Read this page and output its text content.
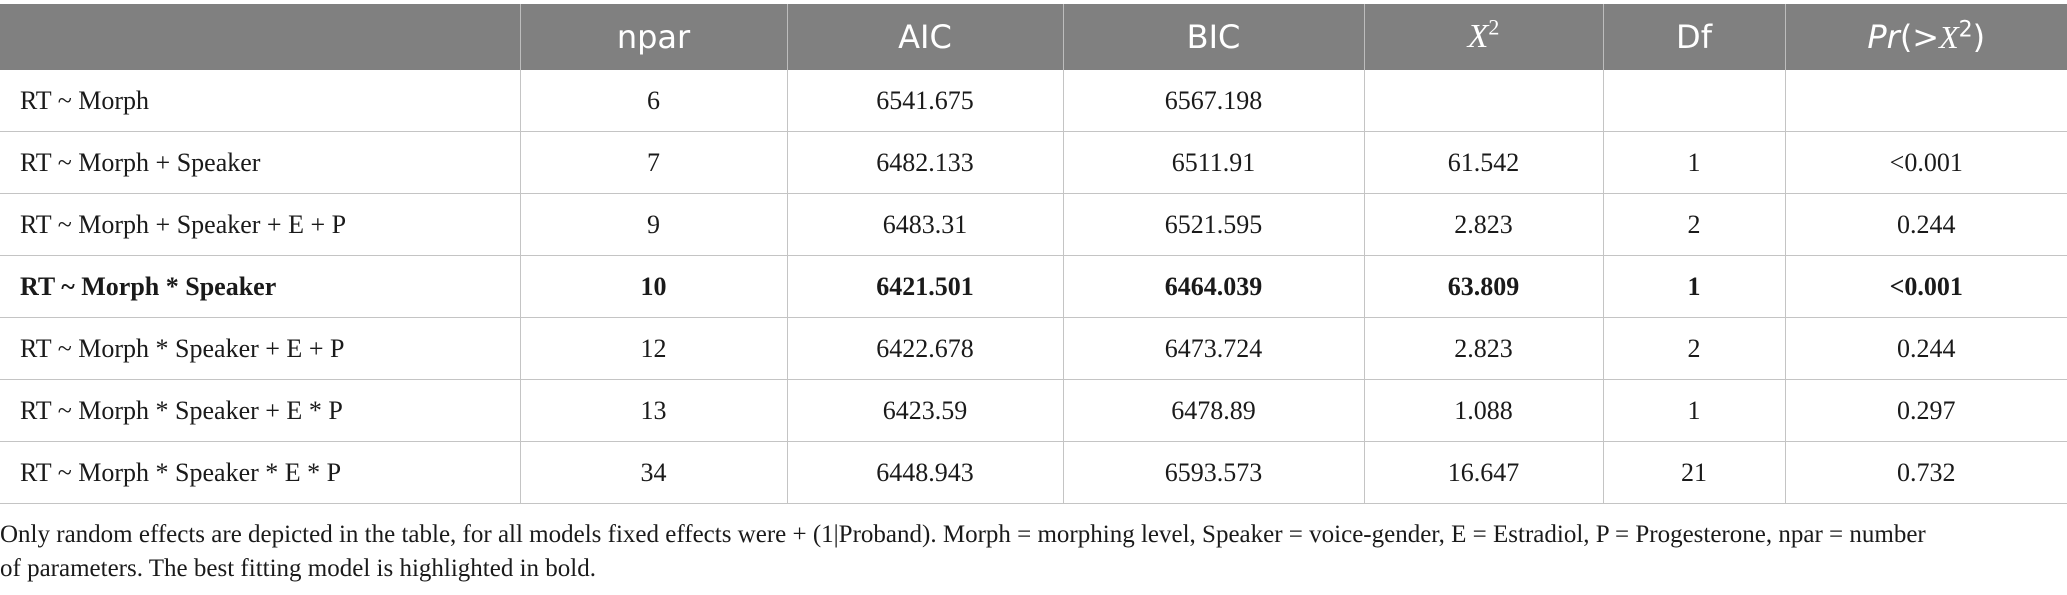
	npar	AIC	BIC	$X^2$	Df	$Pr(>X^2)$
RT ~ Morph	6	6541.675	6567.198			
RT ~ Morph + Speaker	7	6482.133	6511.91	61.542	1	<0.001
RT ~ Morph + Speaker + E + P	9	6483.31	6521.595	2.823	2	0.244
RT ~ Morph * Speaker	10	6421.501	6464.039	63.809	1	<0.001
RT ~ Morph * Speaker + E + P	12	6422.678	6473.724	2.823	2	0.244
RT ~ Morph * Speaker + E * P	13	6423.59	6478.89	1.088	1	0.297
RT ~ Morph * Speaker * E * P	34	6448.943	6593.573	16.647	21	0.732
Only random effects are depicted in the table, for all models fixed effects were + (1|Proband). Morph = morphing level, Speaker = voice-gender, E = Estradiol, P = Progesterone, npar = number
of parameters. The best fitting model is highlighted in bold.
